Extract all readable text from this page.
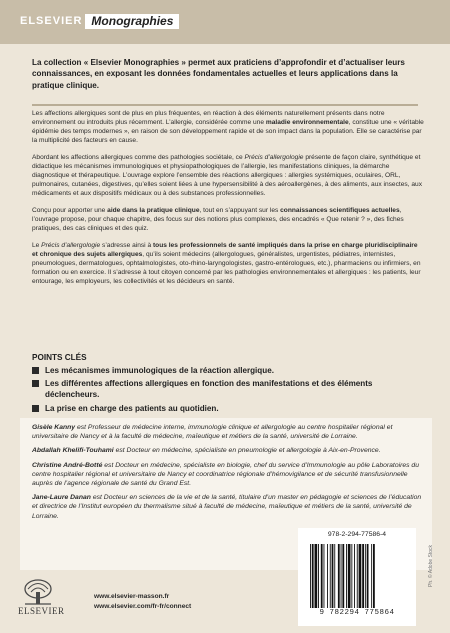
ELSEVIER Monographies
La collection « Elsevier Monographies » permet aux praticiens d’approfondir et d’actualiser leurs connaissances, en exposant les données fondamentales actuelles et leurs applications dans la pratique clinique.

Les affections allergiques sont de plus en plus fréquentes, en réaction à des éléments naturellement présents dans notre environnement ou introduits plus récemment. L’allergie, considérée comme une maladie environnementale, constitue une « véritable épidémie des temps modernes », en raison de son développement rapide et de son impact dans la population. Elle se caractérise par la multiplicité des facteurs en cause.

Abordant les affections allergiques comme des pathologies sociétale, ce Précis d’allergologie présente de façon claire, synthétique et didactique les mécanismes immunologiques et physiopathologiques de l’allergie, les manifestations cliniques, la démarche diagnostique et thérapeutique. L’ouvrage explore l’ensemble des réactions allergiques : allergies systémiques, oculaires, ORL, pulmonaires, cutanées, digestives, qu’elles soient liées à une hypersensibilité à des aéroallergènes, à des aliments, aux insectes, aux médicaments et aux dispositifs médicaux ou à des substances professionnelles.

Conçu pour apporter une aide dans la pratique clinique, tout en s’appuyant sur les connaissances scientifiques actuelles, l’ouvrage propose, pour chaque chapitre, des focus sur des notions plus complexes, des encadrés « Que retenir ? », des fiches pratiques, des cas cliniques et des quiz.

Le Précis d’allergologie s’adresse ainsi à tous les professionnels de santé impliqués dans la prise en charge pluridisciplinaire et chronique des sujets allergiques, qu’ils soient médecins (allergologues, généralistes, urgentistes, pédiatres, internistes, pneumologues, dermatologues, ophtalmologistes, oto-rhino-laryngologistes, gastro-entérologues, etc.), pharmaciens ou infirmiers, en formation ou en exercice. Il s’adresse à tout citoyen concerné par les pathologies environnementales et allergiques : les patients, leur entourage, les employeurs, les collectivités et les décideurs en santé.

POINTS CLÉS
Les mécanismes immunologiques de la réaction allergique.
Les différentes affections allergiques en fonction des manifestations et des éléments déclencheurs.
La prise en charge des patients au quotidien.

Gisèle Kanny est Professeur de médecine interne, immunologie clinique et allergologie au centre hospitalier régional et universitaire de Nancy et à la faculté de médecine, maïeutique et métiers de la santé, université de Lorraine.

Abdallah Khelifi-Touhami est Docteur en médecine, spécialiste en pneumologie et allergologie à Aix-en-Provence.

Christine André-Botté est Docteur en médecine, spécialiste en biologie, chef du service d’Immunologie au pôle Laboratoires du centre hospitalier régional et universitaire de Nancy et coordinatrice régionale d’hémovigilance et de sécurité transfusionnelle auprès de l’agence régionale de santé du Grand Est.

Jane-Laure Danan est Docteur en sciences de la vie et de la santé, titulaire d’un master en pédagogie et sciences de l’éducation et directrice de l’Institut européen du thermalisme situé à faculté de médecine, maïeutique et métiers de la santé, université de Lorraine.

ELSEVIER
www.elsevier-masson.fr
www.elsevier.com/fr-fr/connect
978-2-294-77586-4
9 782294 775864
Ph. © Adobe Stock
